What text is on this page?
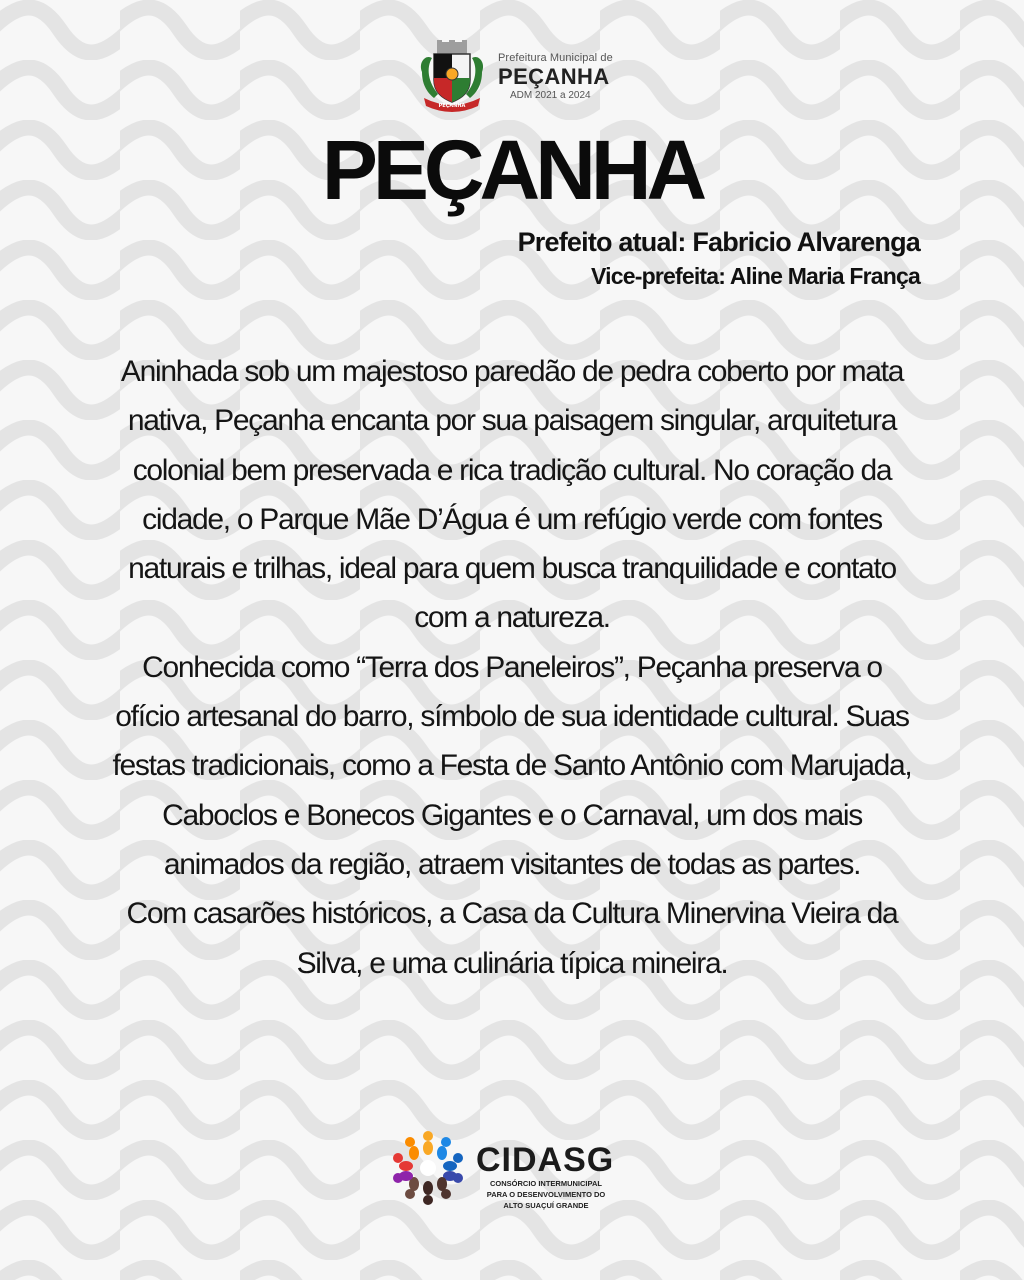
PEÇANHA
Prefeitura Municipal de
PEÇANHA
ADM 2021 a 2024
PEÇANHA
Prefeito atual: Fabricio Alvarenga
Vice-prefeita: Aline Maria França

Aninhada sob um majestoso paredão de pedra coberto por mata nativa, Peçanha encanta por sua paisagem singular, arquitetura colonial bem preservada e rica tradição cultural. No coração da cidade, o Parque Mãe D’Água é um refúgio verde com fontes naturais e trilhas, ideal para quem busca tranquilidade e contato com a natureza.

Conhecida como “Terra dos Paneleiros”, Peçanha preserva o ofício artesanal do barro, símbolo de sua identidade cultural. Suas festas tradicionais, como a Festa de Santo Antônio com Marujada, Caboclos e Bonecos Gigantes e o Carnaval, um dos mais animados da região, atraem visitantes de todas as partes.

Com casarões históricos, a Casa da Cultura Minervina Vieira da Silva, e uma culinária típica mineira.

CIDASG
CONSÓRCIO INTERMUNICIPAL
PARA O DESENVOLVIMENTO DO
ALTO SUAÇUÍ GRANDE
